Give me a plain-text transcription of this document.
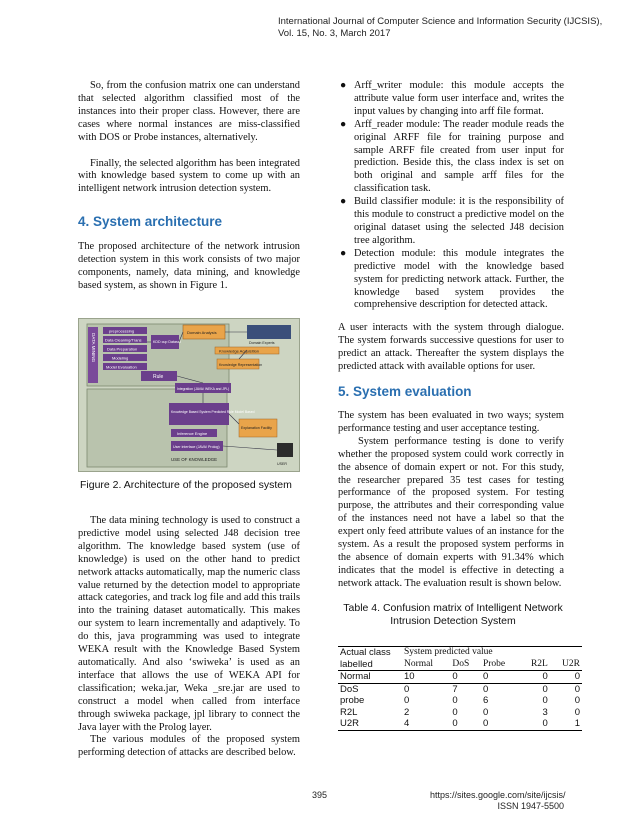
International Journal of Computer Science and Information Security (IJCSIS),
Vol. 15, No. 3, March 2017

So, from the confusion matrix one can understand that selected algorithm classified most of the instances into their proper class. However, there are cases where normal instances are miss-classified with DOS or Probe instances, alternatively.

Finally, the selected algorithm has been integrated with knowledge based system to come up with an intelligent network intrusion detection system.

4. System architecture

The proposed architecture of the network intrusion detection system in this work consists of two major components, namely, data mining, and knowledge based system, as shown in Figure 1.

DATA MINING
preprocessing
Data Cleaning/Trans
Data Preparation
Modeling
Model Evaluation
KDD cup Dataset
Rule
Domain Analysis
Domain Experts
Knowledge Acquisition
Knowledge Representation
Integration (JAVA/ WEKA and JPL)
Knowledge Based System Predicted Rule Model Based
Inference Engine
User interface (JAVA/ Prolog)
Explanation Facility
USE OF KNOWLEDGE
USER
Figure 2. Architecture of the proposed system

The data mining technology is used to construct a predictive model using selected J48 decision tree algorithm. The knowledge based system (use of knowledge) is used on the other hand to predict network attacks automatically, map the numeric class value returned by the detection model to appropriate attack categories, and track log file and add this trails into the training dataset automatically. This makes our system to learn incrementally and adaptively. To do this, java programming was used to integrate WEKA result with the Knowledge Based System automatically. And also ‘swiweka’ is used as an interface that allows the use of WEKA API for classification; weka.jar, Weka _sre.jar are used to construct a model when called from interface through swiweka package, jpl library to connect the Java layer with the Prolog layer.

The various modules of the proposed system performing detection of attacks are described below.

● Arff_writer module: this module accepts the attribute value form user interface and, writes the input values by changing into arff file format.
● Arff_reader module: The reader module reads the original ARFF file for training purpose and sample ARFF file created from user input for prediction. Beside this, the class index is set on both original and sample arff files for the classification task.
● Build classifier module: it is the responsibility of this module to construct a predictive model on the original dataset using the selected J48 decision tree algorithm.
● Detection module: this module integrates the predictive model with the knowledge based system for predicting network attack. Further, the knowledge based system provides the comprehensive description for detected attack.

A user interacts with the system through dialogue. The system forwards successive questions for user to predict an attack. Thereafter the system displays the predicted attack with available options for user.

5. System evaluation

The system has been evaluated in two ways; system performance testing and user acceptance testing.

System performance testing is done to verify whether the proposed system could work correctly in the absence of domain expert or not. For this study, the researcher prepared 35 test cases for testing performance of the proposed system. For testing purpose, the attributes and their corresponding value of the instances need not have a label so that the expert only feed attribute values of an instance for the system. As a result the proposed system performs in the absence of domain experts with 91.34% which indicates that the model is effective in detecting a network attack. The evaluation result is shown below.

Table 4. Confusion matrix of Intelligent Network
Intrusion Detection System
Actual class labelled	System predicted value				
	Normal	DoS	Probe	R2L	U2R
Normal	10	0	0	0	0
DoS	0	7	0	0	0
probe	0	0	6	0	0
R2L	2	0	0	3	0
U2R	4	0	0	0	1
395	https://sites.google.com/site/ijcsis/
ISSN 1947-5500
